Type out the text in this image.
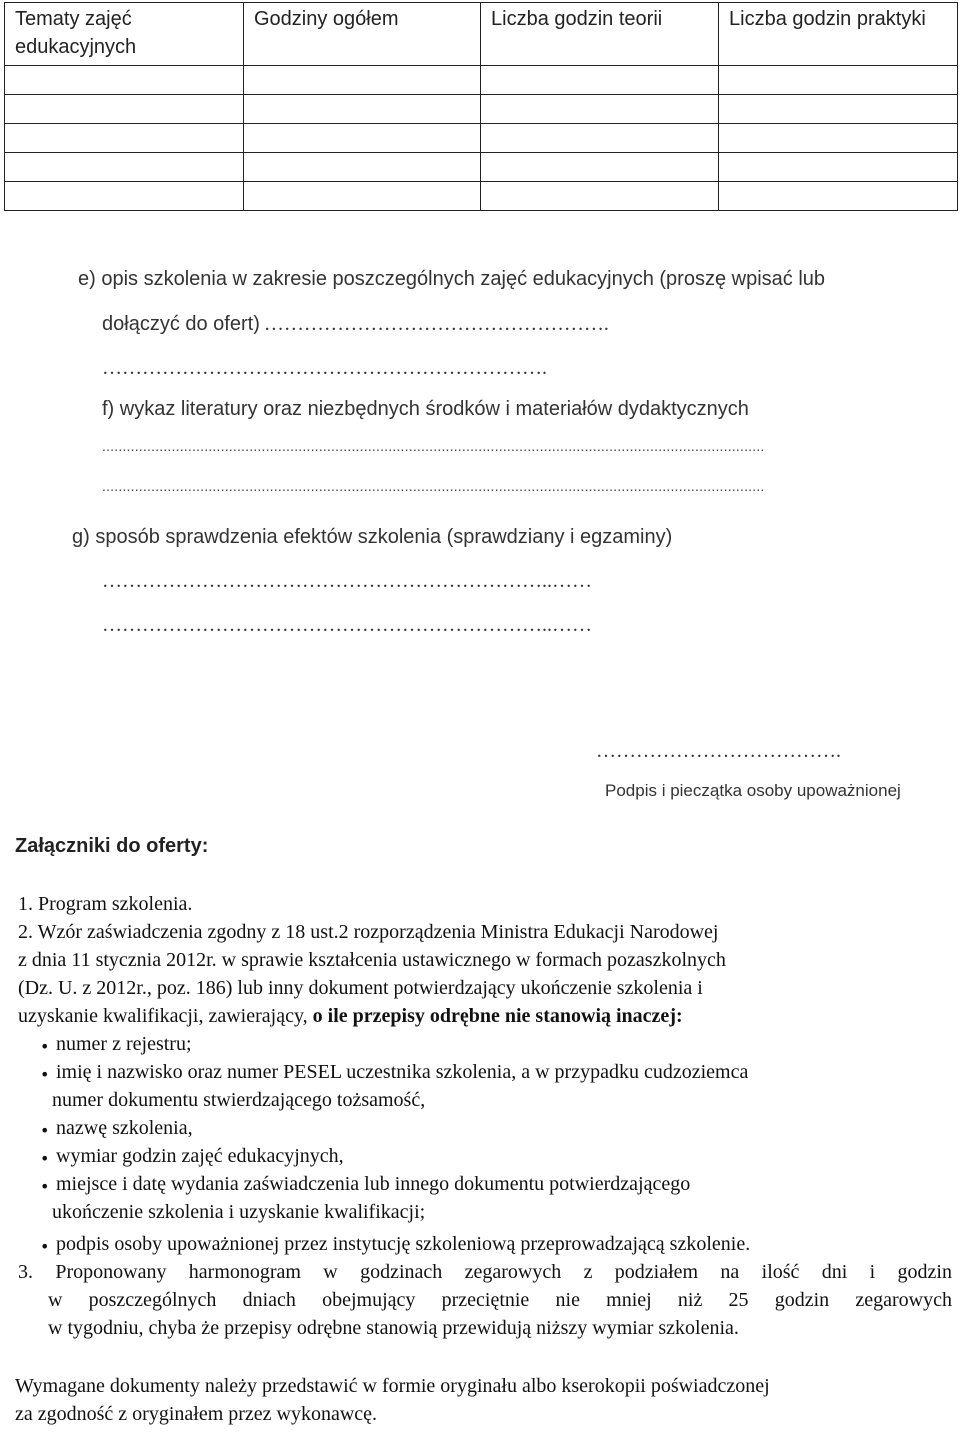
Tematy zajęć edukacyjnych	Godziny ogółem	Liczba godzin teorii	Liczba godzin praktyki

e) opis szkolenia w zakresie poszczególnych zajęć edukacyjnych (proszę wpisać lub
dołączyć do ofert) …………………………………………….
………………………………………………………….
f) wykaz literatury oraz niezbędnych środków i materiałów dydaktycznych
..................................................................................................................................................................
..................................................................................................................................................................
g) sposób sprawdzenia efektów szkolenia (sprawdziany i egzaminy)
…………………………………………………………..……
…………………………………………………………..……
……………………………….
Podpis i pieczątka osoby upoważnionej
Załączniki do oferty:
1. Program szkolenia.
2. Wzór zaświadczenia zgodny z 18 ust.2 rozporządzenia Ministra Edukacji Narodowej
z dnia 11 stycznia 2012r. w sprawie kształcenia ustawicznego w formach pozaszkolnych
(Dz. U. z 2012r., poz. 186) lub inny dokument potwierdzający ukończenie szkolenia i
uzyskanie kwalifikacji, zawierający, o ile przepisy odrębne nie stanowią inaczej:
• numer z rejestru;
• imię i nazwisko oraz numer PESEL uczestnika szkolenia, a w przypadku cudzoziemca
numer dokumentu stwierdzającego tożsamość,
• nazwę szkolenia,
• wymiar godzin zajęć edukacyjnych,
• miejsce i datę wydania zaświadczenia lub innego dokumentu potwierdzającego
ukończenie szkolenia i uzyskanie kwalifikacji;
• podpis osoby upoważnionej przez instytucję szkoleniową przeprowadzającą szkolenie.
3. Proponowany harmonogram w godzinach zegarowych z podziałem na ilość dni i godzin
w poszczególnych dniach obejmujący przeciętnie nie mniej niż 25 godzin zegarowych
w tygodniu, chyba że przepisy odrębne stanowią przewidują niższy wymiar szkolenia.
Wymagane dokumenty należy przedstawić w formie oryginału albo kserokopii poświadczonej
za zgodność z oryginałem przez wykonawcę.
